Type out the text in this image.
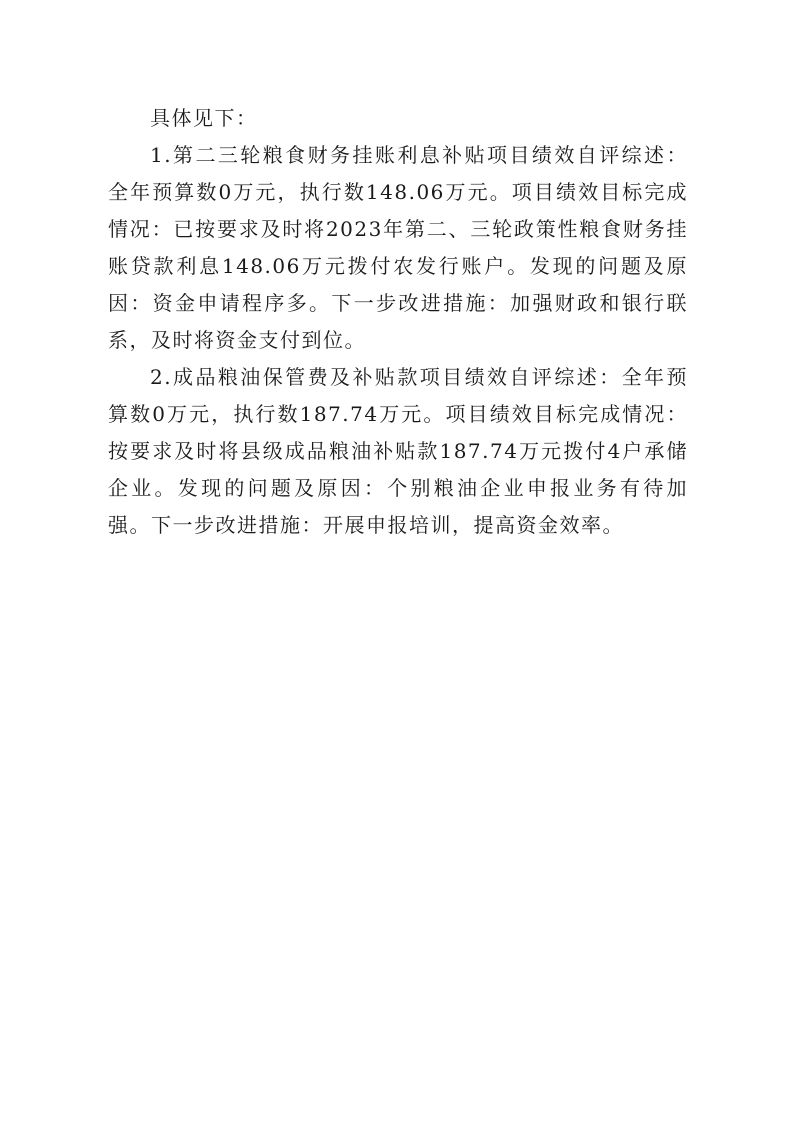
具体见下：

1.第二三轮粮食财务挂账利息补贴项目绩效自评综述：全年预算数0万元，执行数148.06万元。项目绩效目标完成情况：已按要求及时将2023年第二、三轮政策性粮食财务挂账贷款利息148.06万元拨付农发行账户。发现的问题及原因：资金申请程序多。下一步改进措施：加强财政和银行联系，及时将资金支付到位。

2.成品粮油保管费及补贴款项目绩效自评综述：全年预算数0万元，执行数187.74万元。项目绩效目标完成情况：按要求及时将县级成品粮油补贴款187.74万元拨付4户承储企业。发现的问题及原因：个别粮油企业申报业务有待加强。下一步改进措施：开展申报培训，提高资金效率。
